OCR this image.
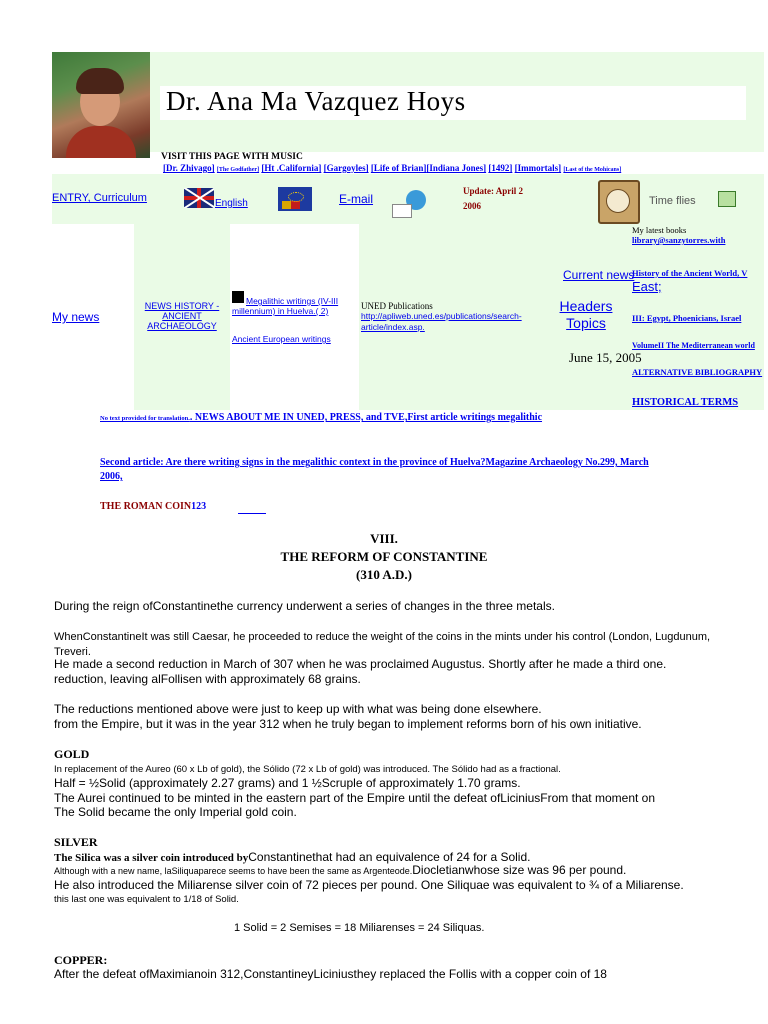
Dr. Ana Ma Vazquez Hoys
VISIT THIS PAGE WITH MUSIC
[Dr. Zhivago] [The Godfather] [Ht .California] [Gargoyles] [Life of Brian][Indiana Jones] [1492] [Immortals] [Last of the Mohicans]
ENTRY, Curriculum	English	E-mail
Update: April 2 2006	Time flies
My news
NEWS HISTORY - ANCIENT ARCHAEOLOGY
Megalithic writings (IV-III millennium) in Huelva.( 2)
Ancient European writings
UNED Publications
http://apliweb.uned.es/publications/search-article/index.asp.
Current news
Headers Topics
June 15, 2005
My latest books
library@sanzytorres.with
History of the Ancient World, V
East;
III: Egypt, Phoenicians, Israel
VolumeII The Mediterranean world
ALTERNATIVE BIBLIOGRAPHY
HISTORICAL TERMS
No text provided for translation.. NEWS ABOUT ME IN UNED, PRESS, and TVE,First article writings megalithic
Second article: Are there writing signs in the megalithic context in the province of Huelva?Magazine Archaeology No.299, March 2006,
THE ROMAN COIN123
VIII.
THE REFORM OF CONSTANTINE
(310 A.D.)
During the reign ofConstantinethe currency underwent a series of changes in the three metals.
WhenConstantineIt was still Caesar, he proceeded to reduce the weight of the coins in the mints under his control (London, Lugdunum, Treveri.
He made a second reduction in March of 307 when he was proclaimed Augustus. Shortly after he made a third one.
reduction, leaving alFollisen with approximately 68 grains.
The reductions mentioned above were just to keep up with what was being done elsewhere.
from the Empire, but it was in the year 312 when he truly began to implement reforms born of his own initiative.
GOLD
In replacement of the Aureo (60 x Lb of gold), the Sólido (72 x Lb of gold) was introduced. The Sólido had as a fractional.
Half = ½Solid (approximately 2.27 grams) and 1 ½Scruple of approximately 1.70 grams.
The Aurei continued to be minted in the eastern part of the Empire until the defeat ofLiciniusFrom that moment on
The Solid became the only Imperial gold coin.
SILVER
The Silica was a silver coin introduced byConstantinethat had an equivalence of 24 for a Solid.
Although with a new name, laSiliquaparece seems to have been the same as Argenteode.Diocletianwhose size was 96 per pound.
He also introduced the Miliarense silver coin of 72 pieces per pound. One Siliquae was equivalent to ¾ of a Miliarense.
this last one was equivalent to 1/18 of Solid.
1 Solid = 2 Semises = 18 Miliarenses = 24 Siliquas.
COPPER:
After the defeat ofMaximianoin 312,ConstantineyLiciniusthey replaced the Follis with a copper coin of 18
